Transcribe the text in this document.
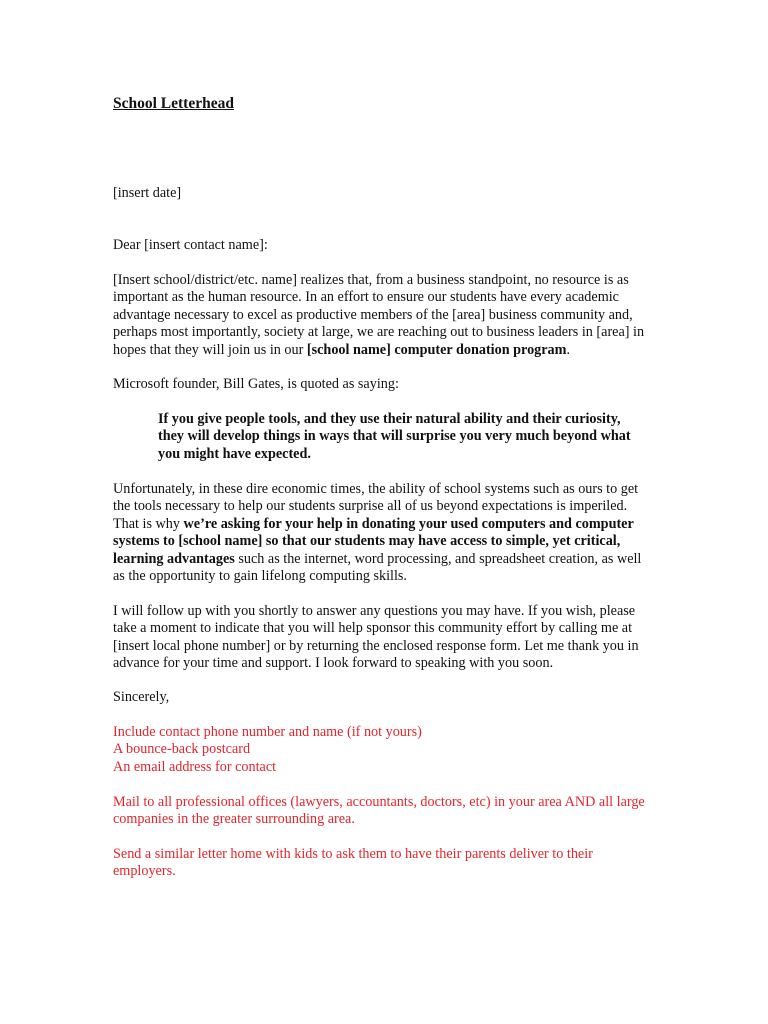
School Letterhead
[insert date]
Dear [insert contact name]:
[Insert school/district/etc. name] realizes that, from a business standpoint, no resource is as
important as the human resource. In an effort to ensure our students have every academic
advantage necessary to excel as productive members of the [area] business community and,
perhaps most importantly, society at large, we are reaching out to business leaders in [area] in
hopes that they will join us in our [school name] computer donation program.
Microsoft founder, Bill Gates, is quoted as saying:
If you give people tools, and they use their natural ability and their curiosity,
they will develop things in ways that will surprise you very much beyond what
you might have expected.
Unfortunately, in these dire economic times, the ability of school systems such as ours to get
the tools necessary to help our students surprise all of us beyond expectations is imperiled.
That is why we’re asking for your help in donating your used computers and computer
systems to [school name] so that our students may have access to simple, yet critical,
learning advantages such as the internet, word processing, and spreadsheet creation, as well
as the opportunity to gain lifelong computing skills.
I will follow up with you shortly to answer any questions you may have. If you wish, please
take a moment to indicate that you will help sponsor this community effort by calling me at
[insert local phone number] or by returning the enclosed response form. Let me thank you in
advance for your time and support. I look forward to speaking with you soon.
Sincerely,
Include contact phone number and name (if not yours)
A bounce-back postcard
An email address for contact
Mail to all professional offices (lawyers, accountants, doctors, etc) in your area AND all large
companies in the greater surrounding area.
Send a similar letter home with kids to ask them to have their parents deliver to their
employers.
